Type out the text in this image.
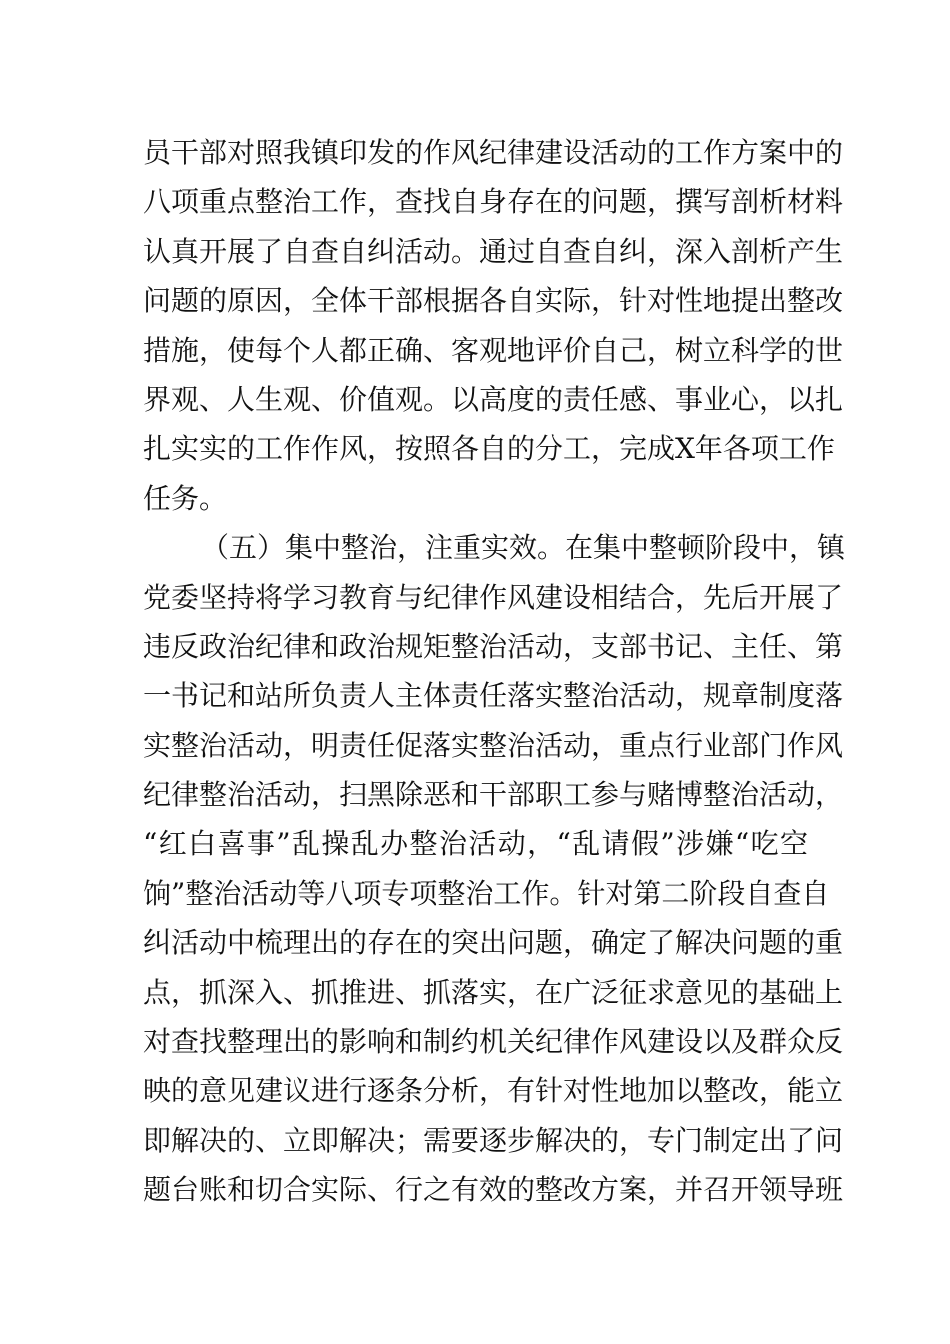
员干部对照我镇印发的作风纪律建设活动的工作方案中的
八项重点整治工作，查找自身存在的问题，撰写剖析材料
认真开展了自查自纠活动。通过自查自纠，深入剖析产生
问题的原因，全体干部根据各自实际，针对性地提出整改
措施，使每个人都正确、客观地评价自己，树立科学的世
界观、人生观、价值观。以高度的责任感、事业心，以扎
扎实实的工作作风，按照各自的分工，完成X年各项工作
任务。
（五）集中整治，注重实效。在集中整顿阶段中，镇
党委坚持将学习教育与纪律作风建设相结合，先后开展了
违反政治纪律和政治规矩整治活动，支部书记、主任、第
一书记和站所负责人主体责任落实整治活动，规章制度落
实整治活动，明责任促落实整治活动，重点行业部门作风
纪律整治活动，扫黑除恶和干部职工参与赌博整治活动，
“红白喜事”乱操乱办整治活动，“乱请假”涉嫌“吃空
饷”整治活动等八项专项整治工作。针对第二阶段自查自
纠活动中梳理出的存在的突出问题，确定了解决问题的重
点，抓深入、抓推进、抓落实，在广泛征求意见的基础上
对查找整理出的影响和制约机关纪律作风建设以及群众反
映的意见建议进行逐条分析，有针对性地加以整改，能立
即解决的、立即解决；需要逐步解决的，专门制定出了问
题台账和切合实际、行之有效的整改方案，并召开领导班
